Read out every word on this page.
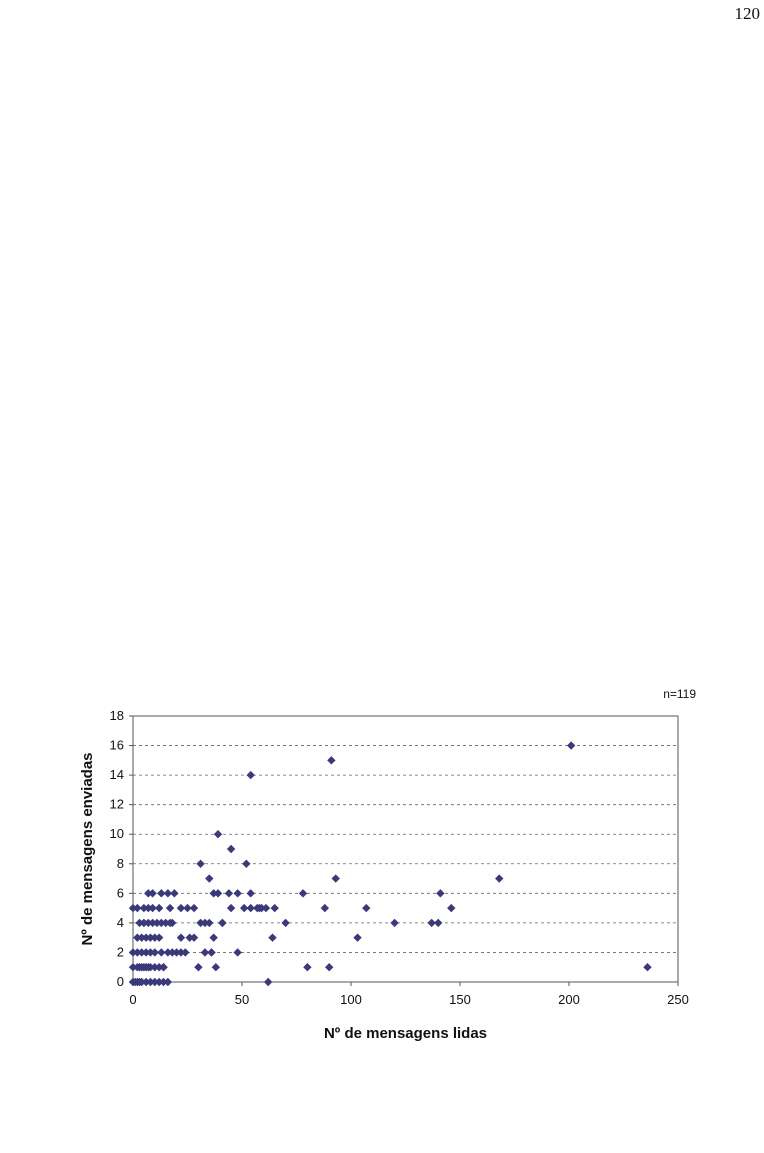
120
0
2
4
6
8
10
12
14
16
18
0	50	100	150	200	250
Nº de mensagens enviadas
Nº de mensagens lidas
n=119
